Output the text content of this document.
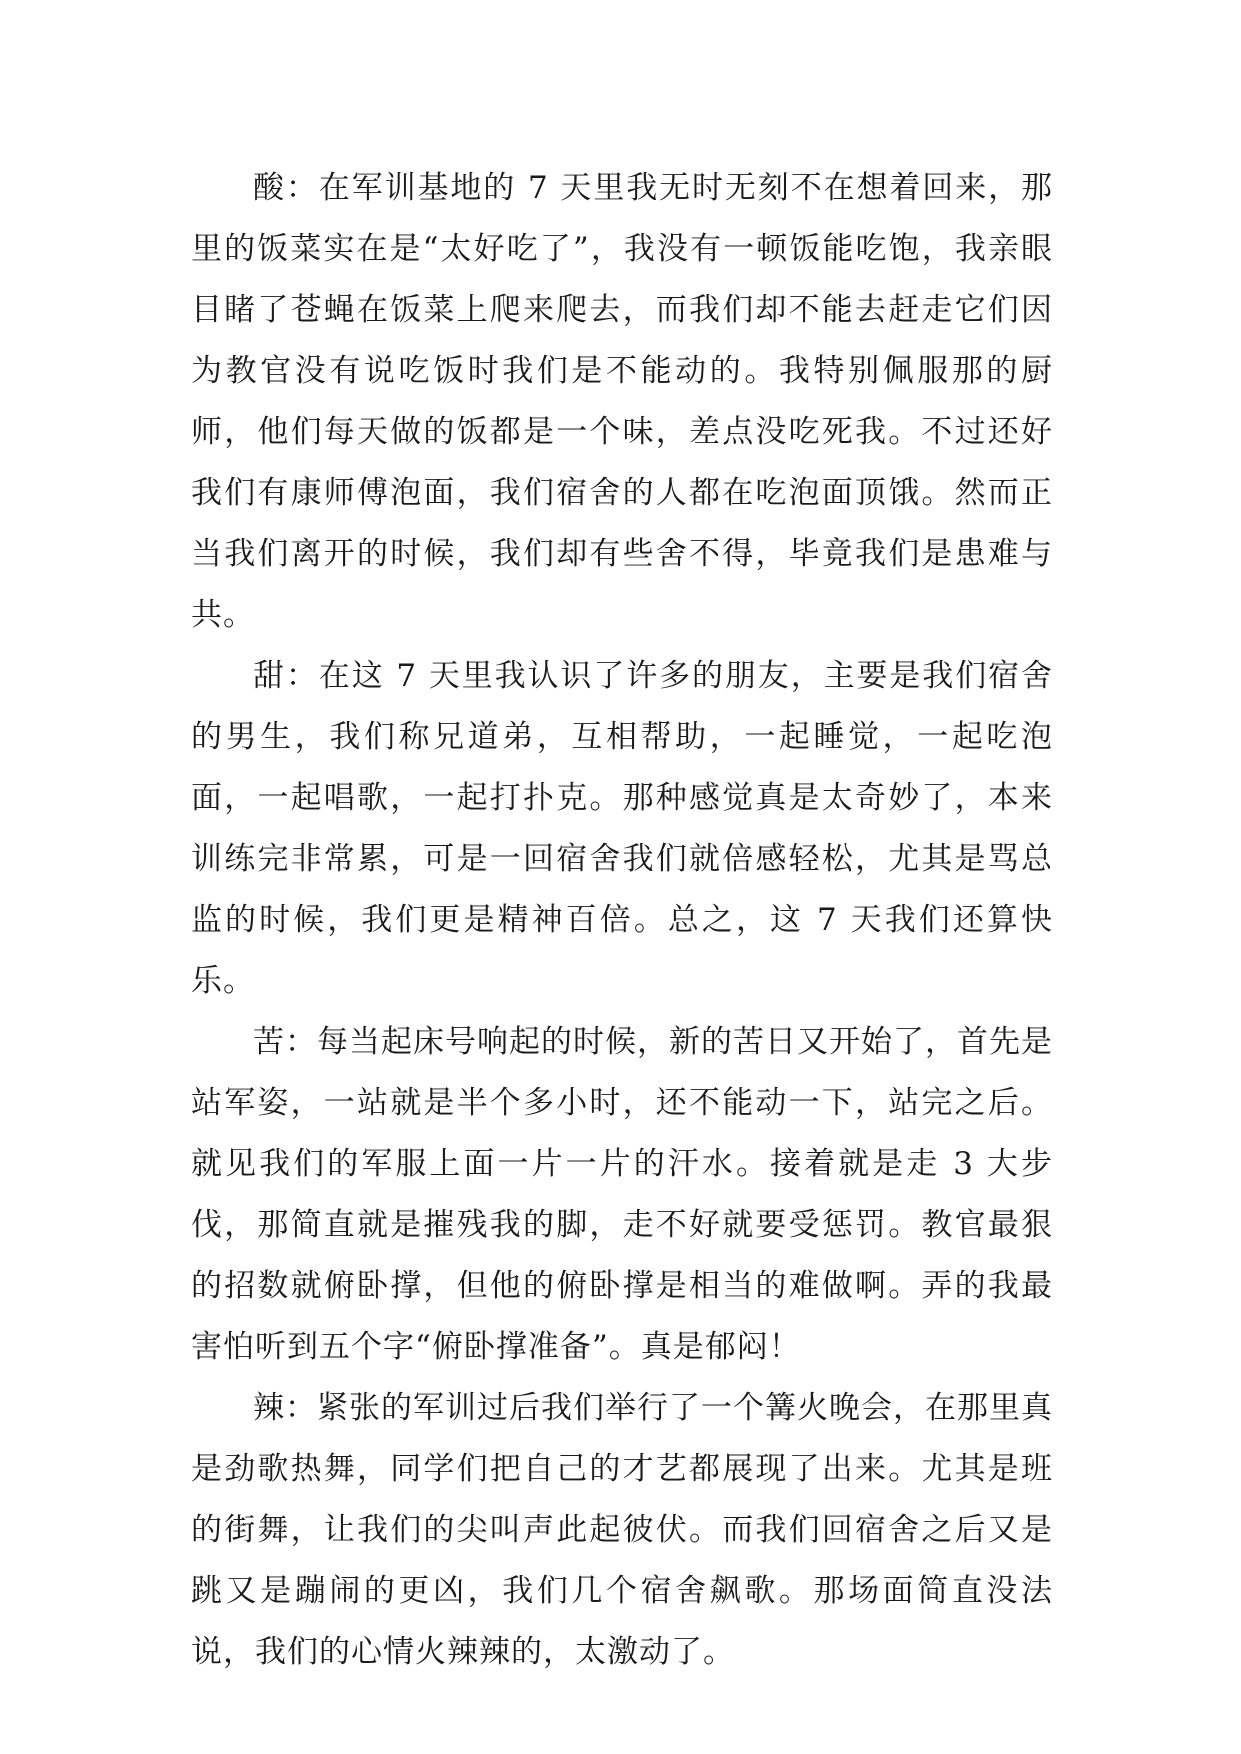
酸：在军训基地的 7 天里我无时无刻不在想着回来，那里的饭菜实在是“太好吃了”，我没有一顿饭能吃饱，我亲眼目睹了苍蝇在饭菜上爬来爬去，而我们却不能去赶走它们因为教官没有说吃饭时我们是不能动的。我特别佩服那的厨师，他们每天做的饭都是一个味，差点没吃死我。不过还好我们有康师傅泡面，我们宿舍的人都在吃泡面顶饿。然而正当我们离开的时候，我们却有些舍不得，毕竟我们是患难与共。

甜：在这 7 天里我认识了许多的朋友，主要是我们宿舍的男生，我们称兄道弟，互相帮助，一起睡觉，一起吃泡面，一起唱歌，一起打扑克。那种感觉真是太奇妙了，本来训练完非常累，可是一回宿舍我们就倍感轻松，尤其是骂总监的时候，我们更是精神百倍。总之，这 7 天我们还算快乐。

苦：每当起床号响起的时候，新的苦日又开始了，首先是站军姿，一站就是半个多小时，还不能动一下，站完之后。就见我们的军服上面一片一片的汗水。接着就是走 3 大步伐，那简直就是摧残我的脚，走不好就要受惩罚。教官最狠的招数就俯卧撑，但他的俯卧撑是相当的难做啊。弄的我最害怕听到五个字“俯卧撑准备”。真是郁闷！

辣：紧张的军训过后我们举行了一个篝火晚会，在那里真是劲歌热舞，同学们把自己的才艺都展现了出来。尤其是班的街舞，让我们的尖叫声此起彼伏。而我们回宿舍之后又是跳又是蹦闹的更凶，我们几个宿舍飙歌。那场面简直没法说，我们的心情火辣辣的，太激动了。
